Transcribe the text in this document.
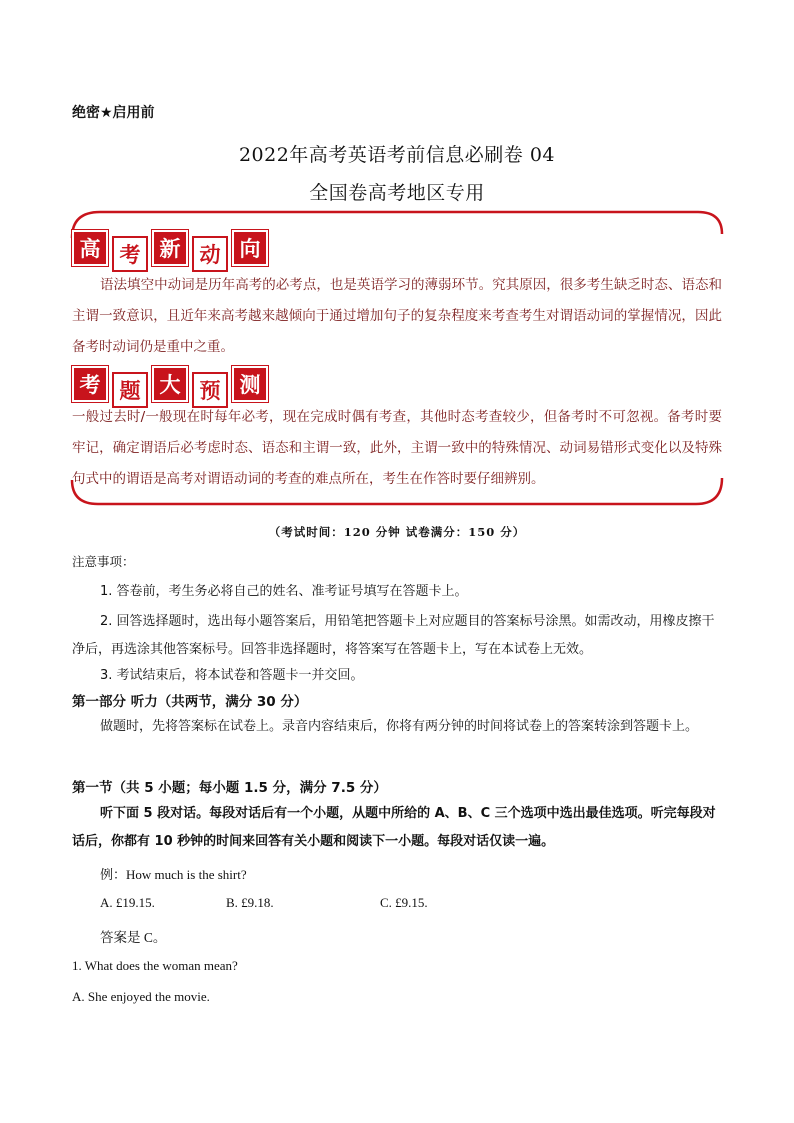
绝密★启用前
2022年高考英语考前信息必刷卷 04
全国卷高考地区专用
高 考 新 动 向
语法填空中动词是历年高考的必考点，也是英语学习的薄弱环节。究其原因，很多考生缺乏时态、语态和主谓一致意识，且近年来高考越来越倾向于通过增加句子的复杂程度来考查考生对谓语动词的掌握情况，因此备考时动词仍是重中之重。
考 题 大 预 测
一般过去时/一般现在时每年必考，现在完成时偶有考查，其他时态考查较少，但备考时不可忽视。备考时要牢记，确定谓语后必考虑时态、语态和主谓一致，此外，主谓一致中的特殊情况、动词易错形式变化以及特殊句式中的谓语是高考对谓语动词的考查的难点所在，考生在作答时要仔细辨别。
（考试时间：120 分钟 试卷满分：150 分）
注意事项：
1. 答卷前，考生务必将自己的姓名、准考证号填写在答题卡上。
2. 回答选择题时，选出每小题答案后，用铅笔把答题卡上对应题目的答案标号涂黑。如需改动，用橡皮擦干净后，再选涂其他答案标号。回答非选择题时，将答案写在答题卡上，写在本试卷上无效。
3. 考试结束后，将本试卷和答题卡一并交回。
第一部分 听力（共两节，满分 30 分）
做题时，先将答案标在试卷上。录音内容结束后，你将有两分钟的时间将试卷上的答案转涂到答题卡上。
第一节（共 5 小题；每小题 1.5 分，满分 7.5 分）
听下面 5 段对话。每段对话后有一个小题，从题中所给的 A、B、C 三个选项中选出最佳选项。听完每段对话后，你都有 10 秒钟的时间来回答有关小题和阅读下一小题。每段对话仅读一遍。
例：How much is the shirt?
A. £19.15.	B. £9.18.	C. £9.15.
答案是 C。
1. What does the woman mean?
A. She enjoyed the movie.
